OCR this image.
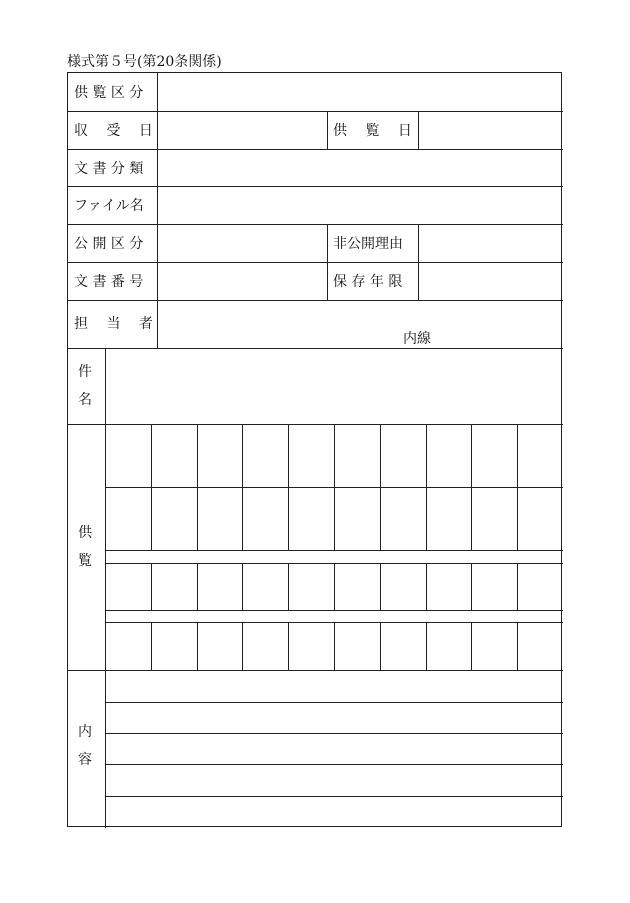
様式第５号(第20条関係)
供 覧 区 分
収　 受　 日	供　 覧　 日
文 書 分 類
ファイル名
公 開 区 分	非公開理由
文 書 番 号	保 存 年 限
担　 当　 者
内線
件
名
供
覧
内
容
